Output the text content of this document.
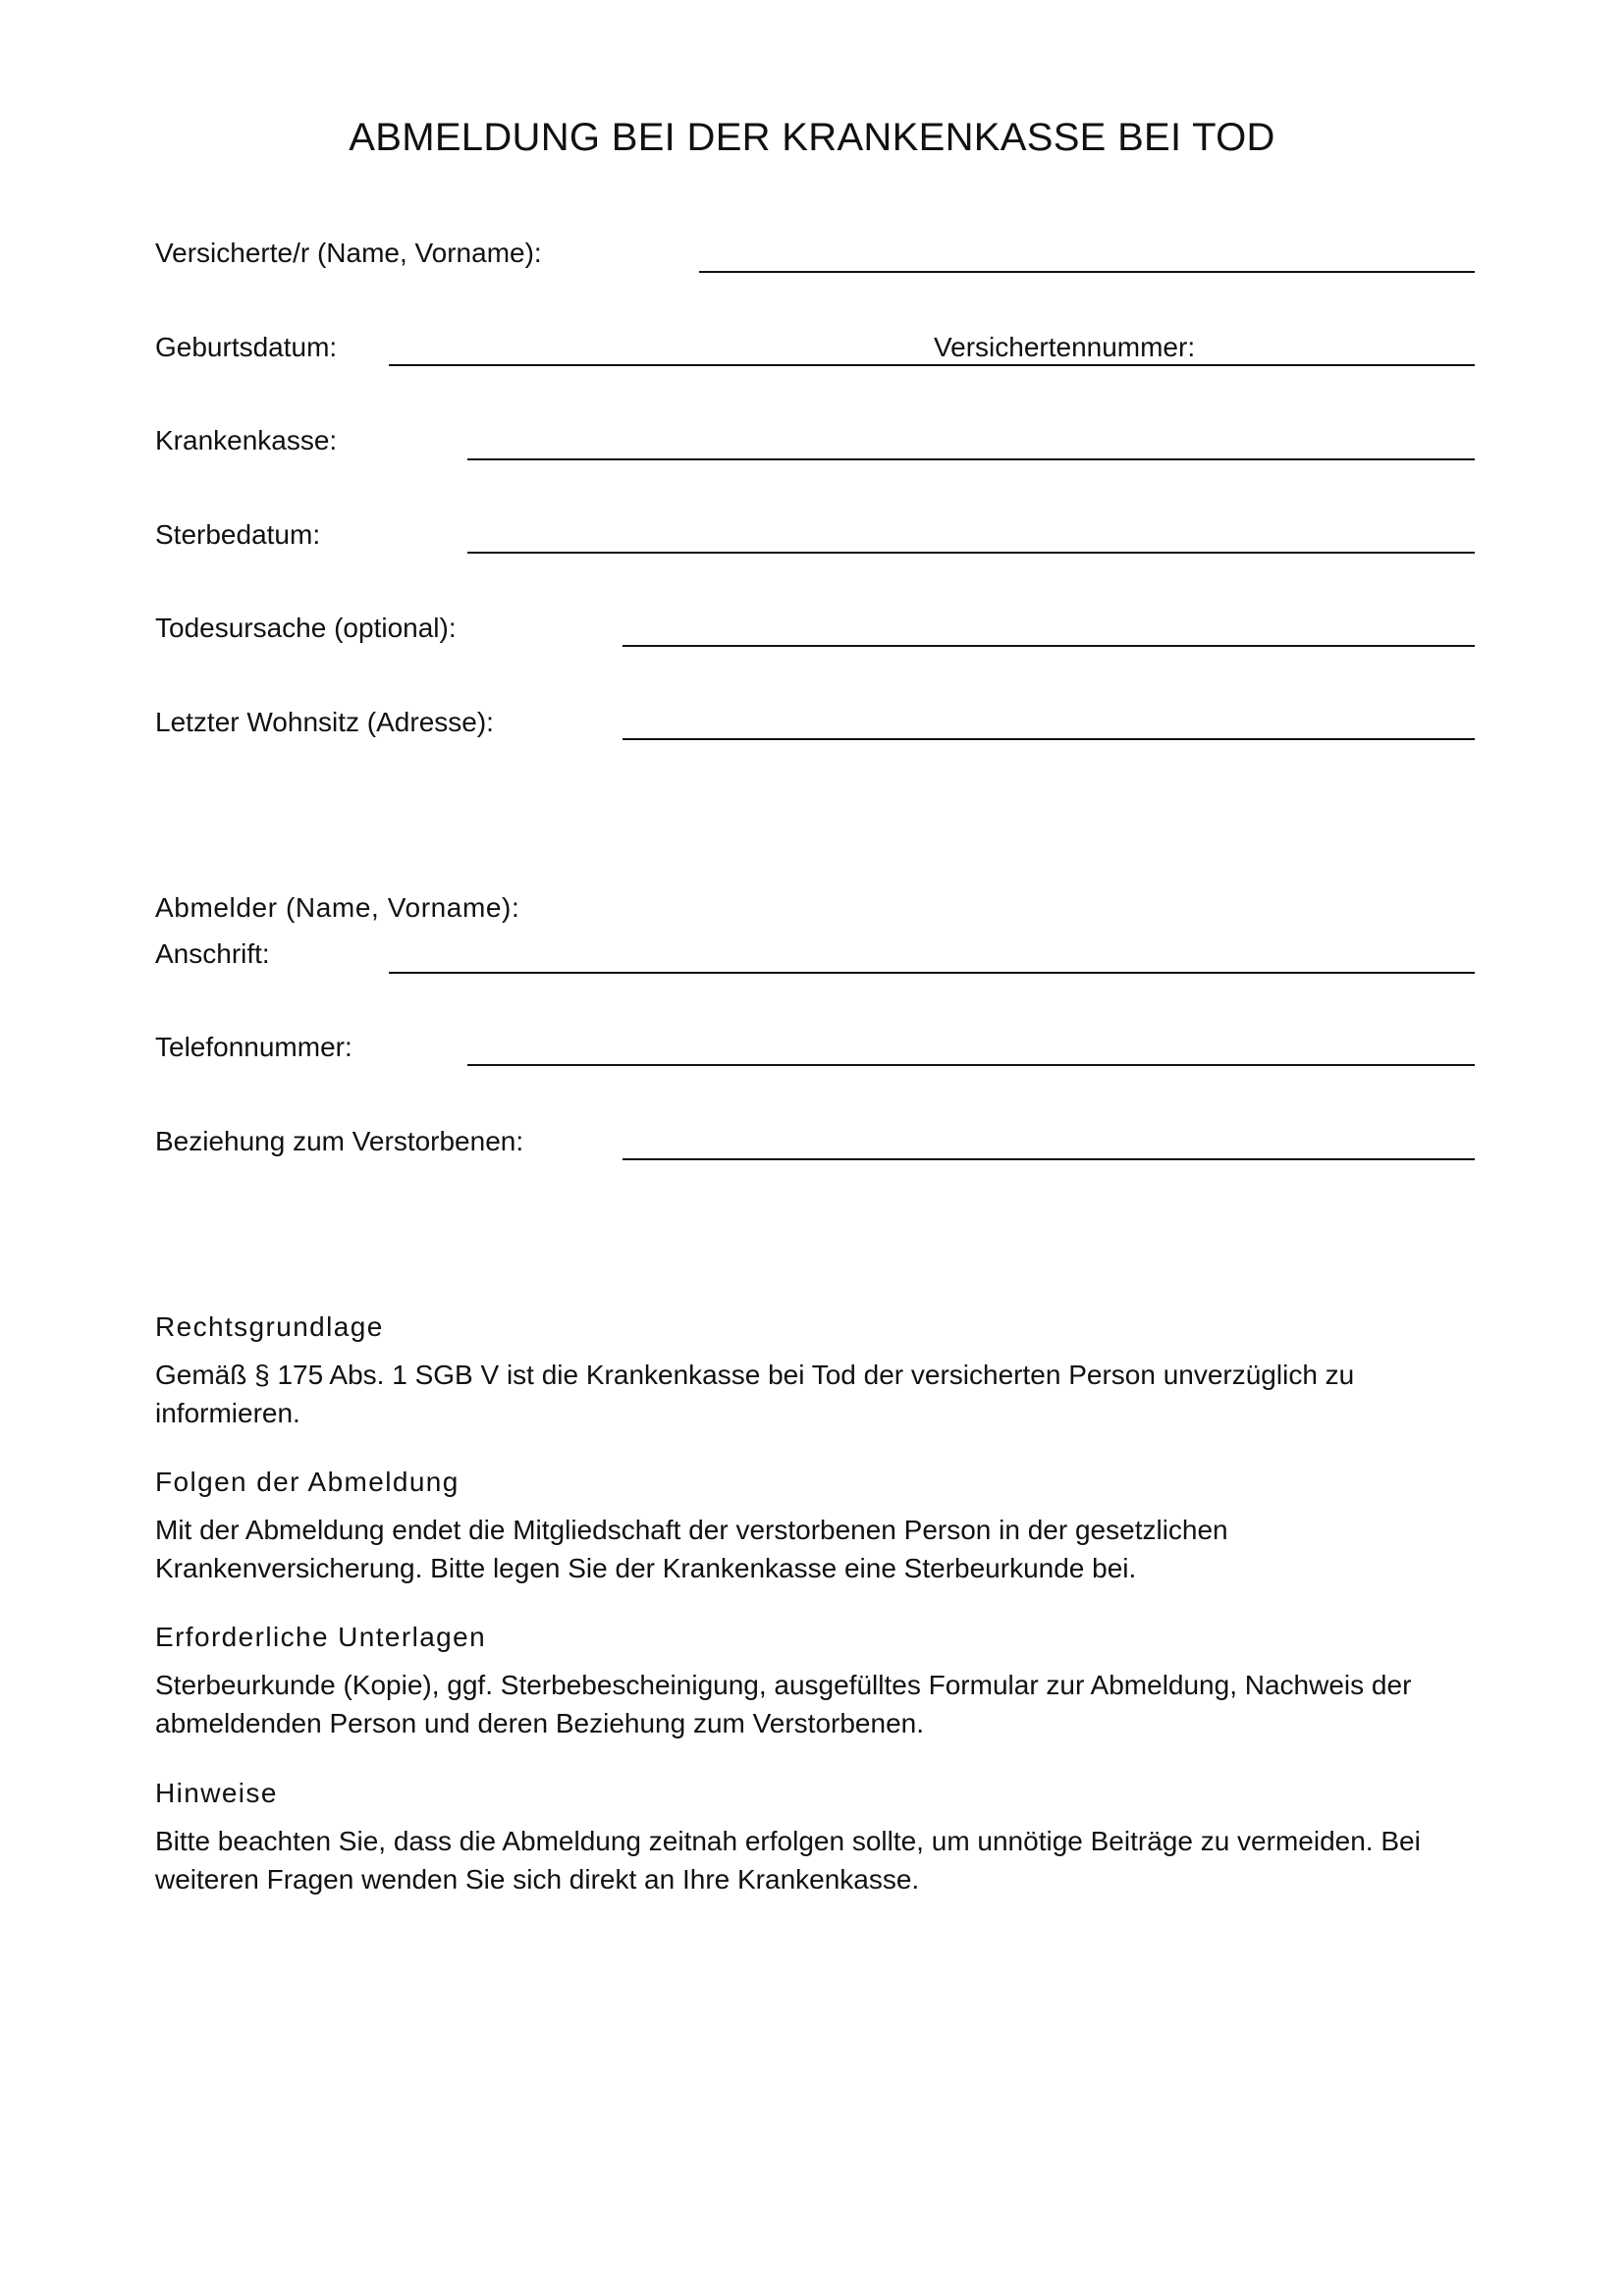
ABMELDUNG BEI DER KRANKENKASSE BEI TOD
Versicherte/r (Name, Vorname):
Geburtsdatum:	Versichertennummer:
Krankenkasse:
Sterbedatum:
Todesursache (optional):
Letzter Wohnsitz (Adresse):
Abmelder (Name, Vorname):
Anschrift:
Telefonnummer:
Beziehung zum Verstorbenen:
Rechtsgrundlage

Gemäß § 175 Abs. 1 SGB V ist die Krankenkasse bei Tod der versicherten Person unverzüglich zu informieren.

Folgen der Abmeldung

Mit der Abmeldung endet die Mitgliedschaft der verstorbenen Person in der gesetzlichen Krankenversicherung. Bitte legen Sie der Krankenkasse eine Sterbeurkunde bei.

Erforderliche Unterlagen

Sterbeurkunde (Kopie), ggf. Sterbebescheinigung, ausgefülltes Formular zur Abmeldung, Nachweis der abmeldenden Person und deren Beziehung zum Verstorbenen.

Hinweise

Bitte beachten Sie, dass die Abmeldung zeitnah erfolgen sollte, um unnötige Beiträge zu vermeiden. Bei weiteren Fragen wenden Sie sich direkt an Ihre Krankenkasse.
